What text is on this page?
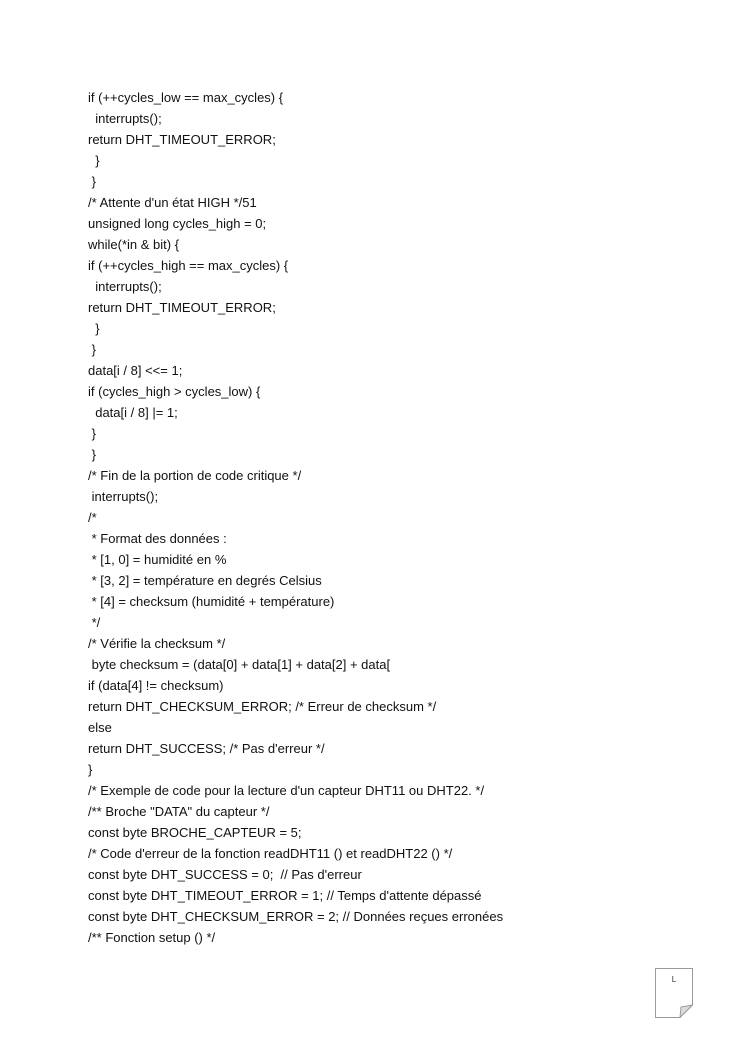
if (++cycles_low == max_cycles) {
interrupts();
return DHT_TIMEOUT_ERROR;
}
}
/* Attente d'un état HIGH */51
unsigned long cycles_high = 0;
while(*in & bit) {
if (++cycles_high == max_cycles) {
interrupts();
return DHT_TIMEOUT_ERROR;
}
}
data[i / 8] <<= 1;
if (cycles_high > cycles_low) {
data[i / 8] |= 1;
}
}
/* Fin de la portion de code critique */
interrupts();
/*
* Format des données :
* [1, 0] = humidité en %
* [3, 2] = température en degrés Celsius
* [4] = checksum (humidité + température)
*/
/* Vérifie la checksum */
byte checksum = (data[0] + data[1] + data[2] + data[
if (data[4] != checksum)
return DHT_CHECKSUM_ERROR; /* Erreur de checksum */
else
return DHT_SUCCESS; /* Pas d'erreur */
}
/* Exemple de code pour la lecture d'un capteur DHT11 ou DHT22. */
/** Broche "DATA" du capteur */
const byte BROCHE_CAPTEUR = 5;
/* Code d'erreur de la fonction readDHT11 () et readDHT22 () */
const byte DHT_SUCCESS = 0;  // Pas d'erreur
const byte DHT_TIMEOUT_ERROR = 1; // Temps d'attente dépassé
const byte DHT_CHECKSUM_ERROR = 2; // Données reçues erronées
/** Fonction setup () */
L
